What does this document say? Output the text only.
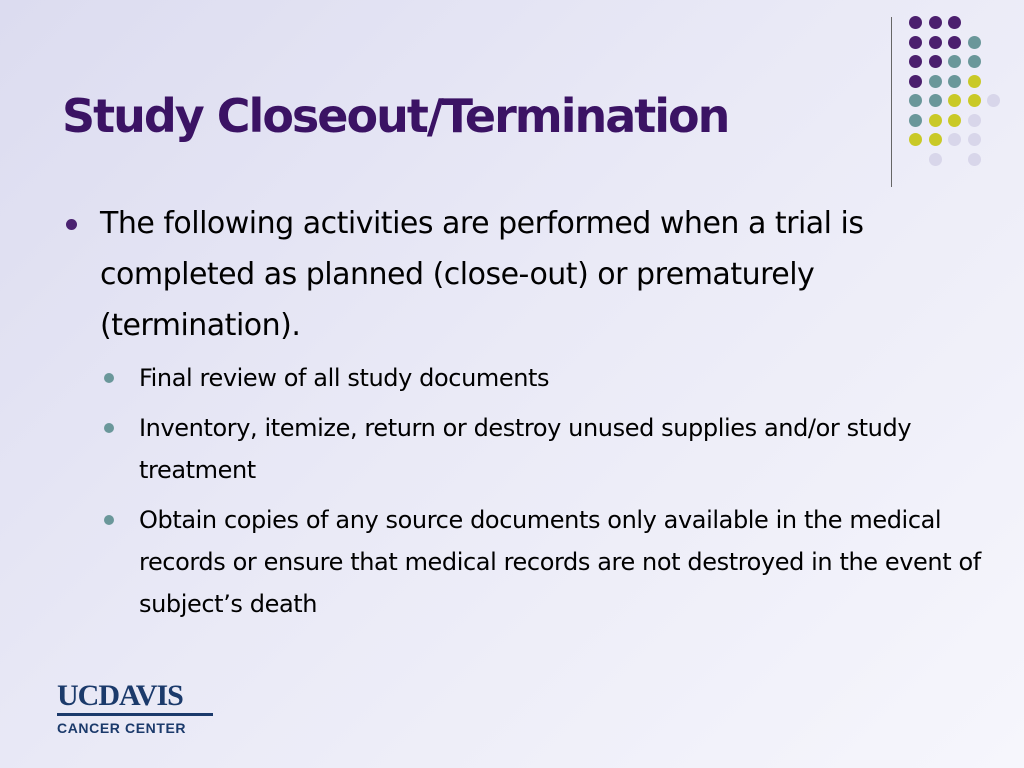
Study Closeout/Termination
The following activities are performed when a trial is completed as planned (close-out) or prematurely (termination).
Final review of all study documents
Inventory, itemize, return or destroy unused supplies and/or study treatment
Obtain copies of any source documents only available in the medical records or ensure that medical records are not destroyed in the event of subject’s death
UCDAVIS
CANCER CENTER
